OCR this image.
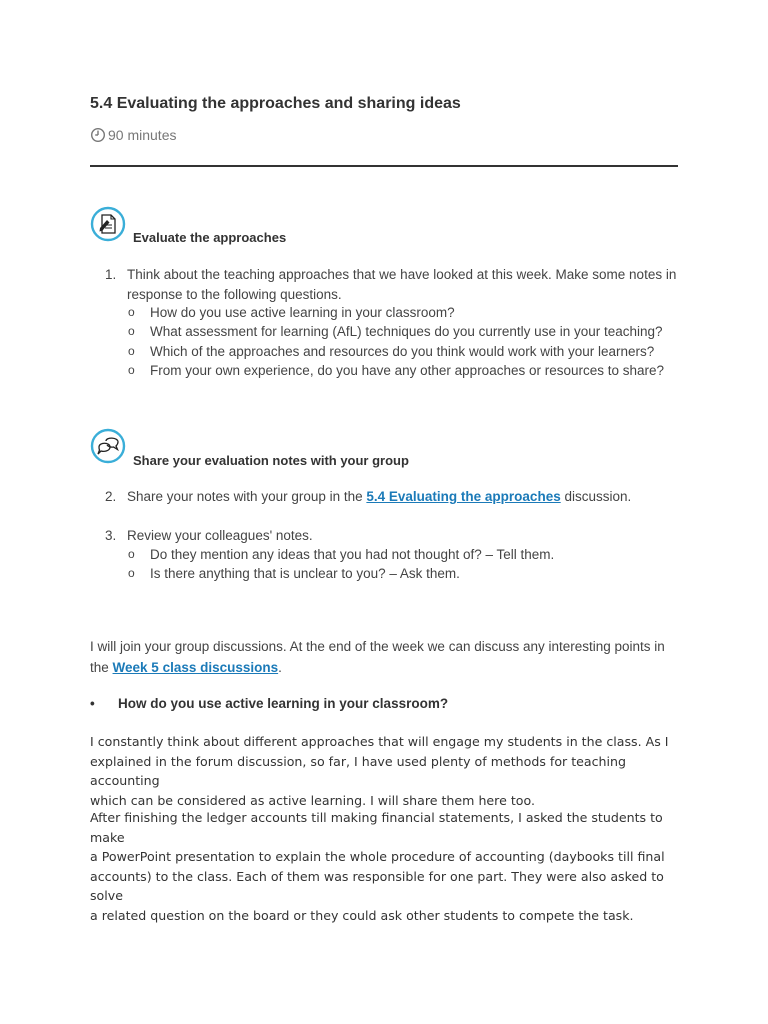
5.4 Evaluating the approaches and sharing ideas
90 minutes
Evaluate the approaches
1. Think about the teaching approaches that we have looked at this week. Make some notes in
response to the following questions.
o How do you use active learning in your classroom?
o What assessment for learning (AfL) techniques do you currently use in your teaching?
o Which of the approaches and resources do you think would work with your learners?
o From your own experience, do you have any other approaches or resources to share?
Share your evaluation notes with your group
2. Share your notes with your group in the 5.4 Evaluating the approaches discussion.
3. Review your colleagues' notes.
o Do they mention any ideas that you had not thought of? – Tell them.
o Is there anything that is unclear to you? – Ask them.
I will join your group discussions. At the end of the week we can discuss any interesting points in
the Week 5 class discussions.
• How do you use active learning in your classroom?
I constantly think about different approaches that will engage my students in the class. As I
explained in the forum discussion, so far, I have used plenty of methods for teaching accounting
which can be considered as active learning. I will share them here too.
After finishing the ledger accounts till making financial statements, I asked the students to make
a PowerPoint presentation to explain the whole procedure of accounting (daybooks till final
accounts) to the class. Each of them was responsible for one part. They were also asked to solve
a related question on the board or they could ask other students to compete the task.
